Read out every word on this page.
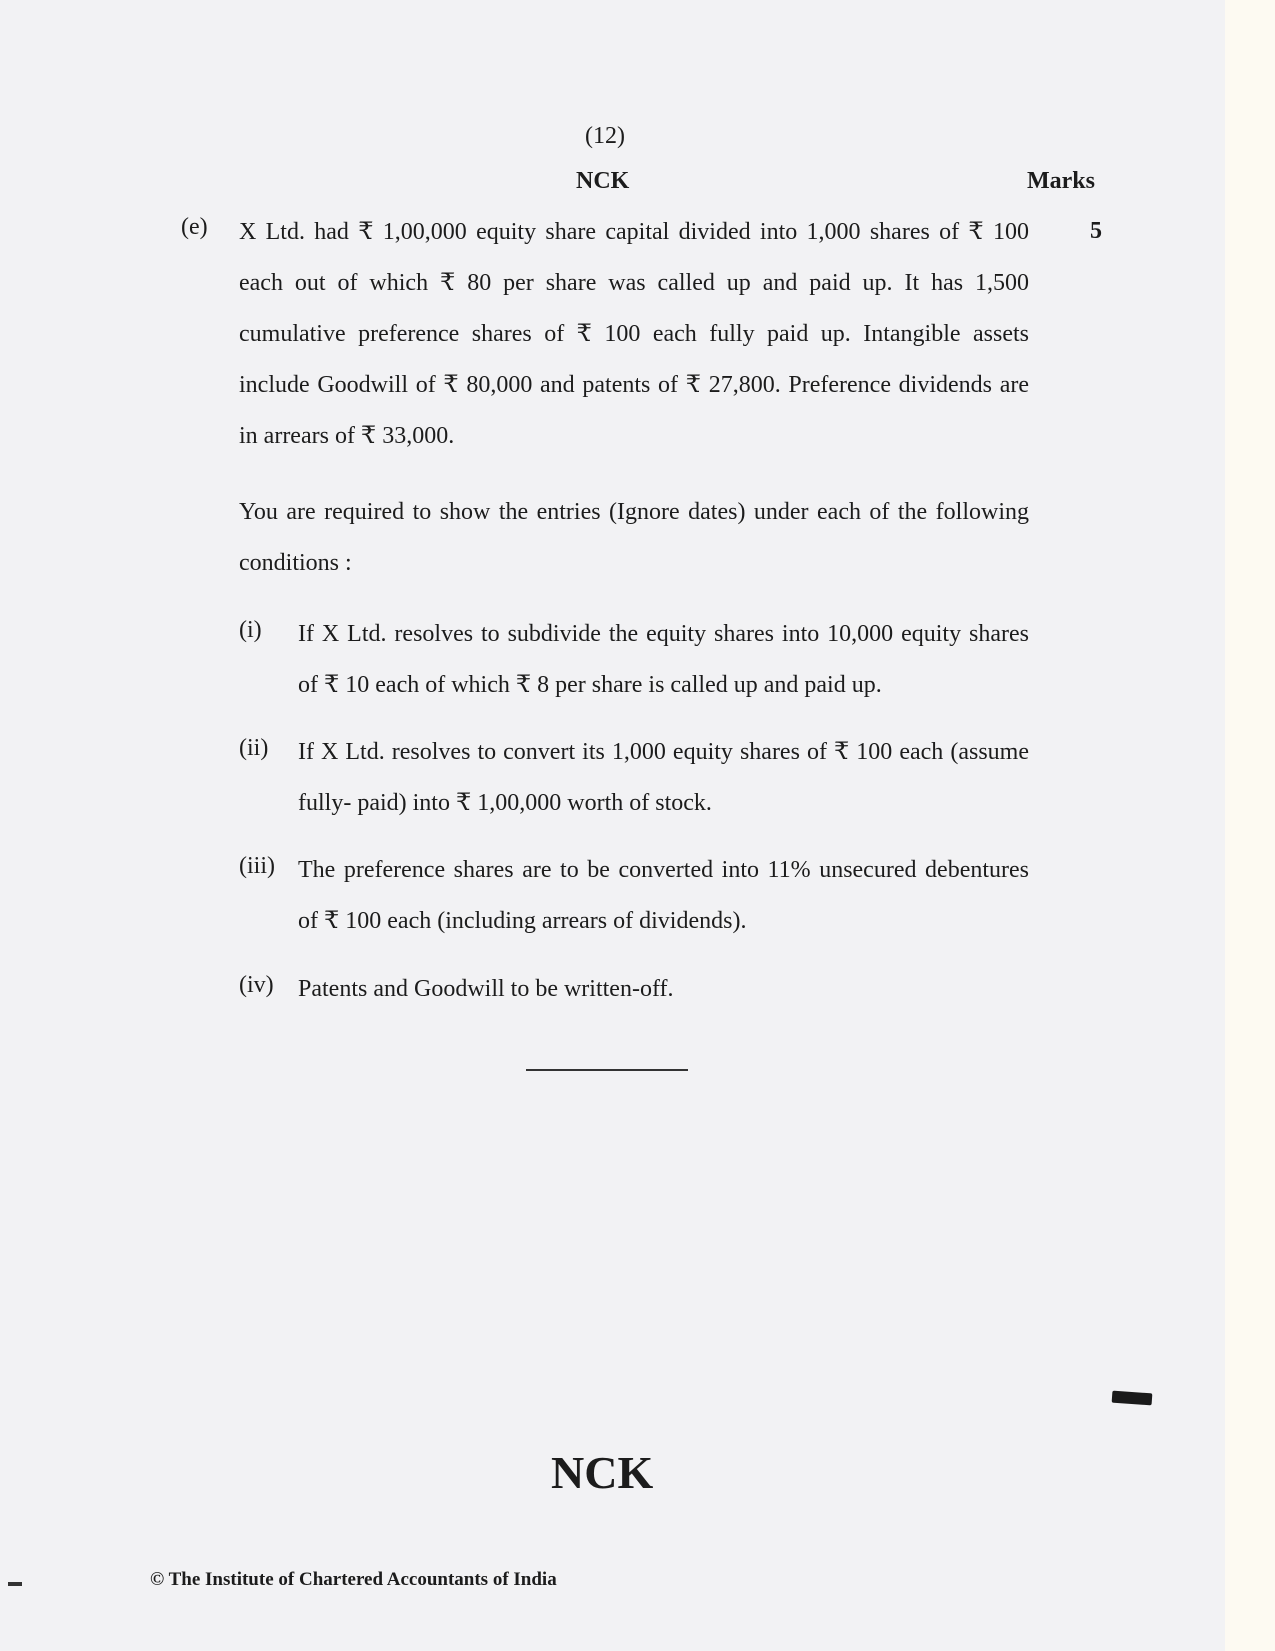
(12)
NCK	Marks
(e)	5

X Ltd. had ₹ 1,00,000 equity share capital divided into 1,000 shares of ₹ 100 each out of which ₹ 80 per share was called up and paid up. It has 1,500 cumulative preference shares of ₹ 100 each fully paid up. Intangible assets include Goodwill of ₹ 80,000 and patents of ₹ 27,800. Preference dividends are in arrears of ₹ 33,000.

You are required to show the entries (Ignore dates) under each of the following conditions :

(i) If X Ltd. resolves to subdivide the equity shares into 10,000 equity shares of ₹ 10 each of which ₹ 8 per share is called up and paid up.

(ii) If X Ltd. resolves to convert its 1,000 equity shares of ₹ 100 each (assume fully- paid) into ₹ 1,00,000 worth of stock.

(iii) The preference shares are to be converted into 11% unsecured debentures of ₹ 100 each (including arrears of dividends).

(iv) Patents and Goodwill to be written-off.

NCK
© The Institute of Chartered Accountants of India
